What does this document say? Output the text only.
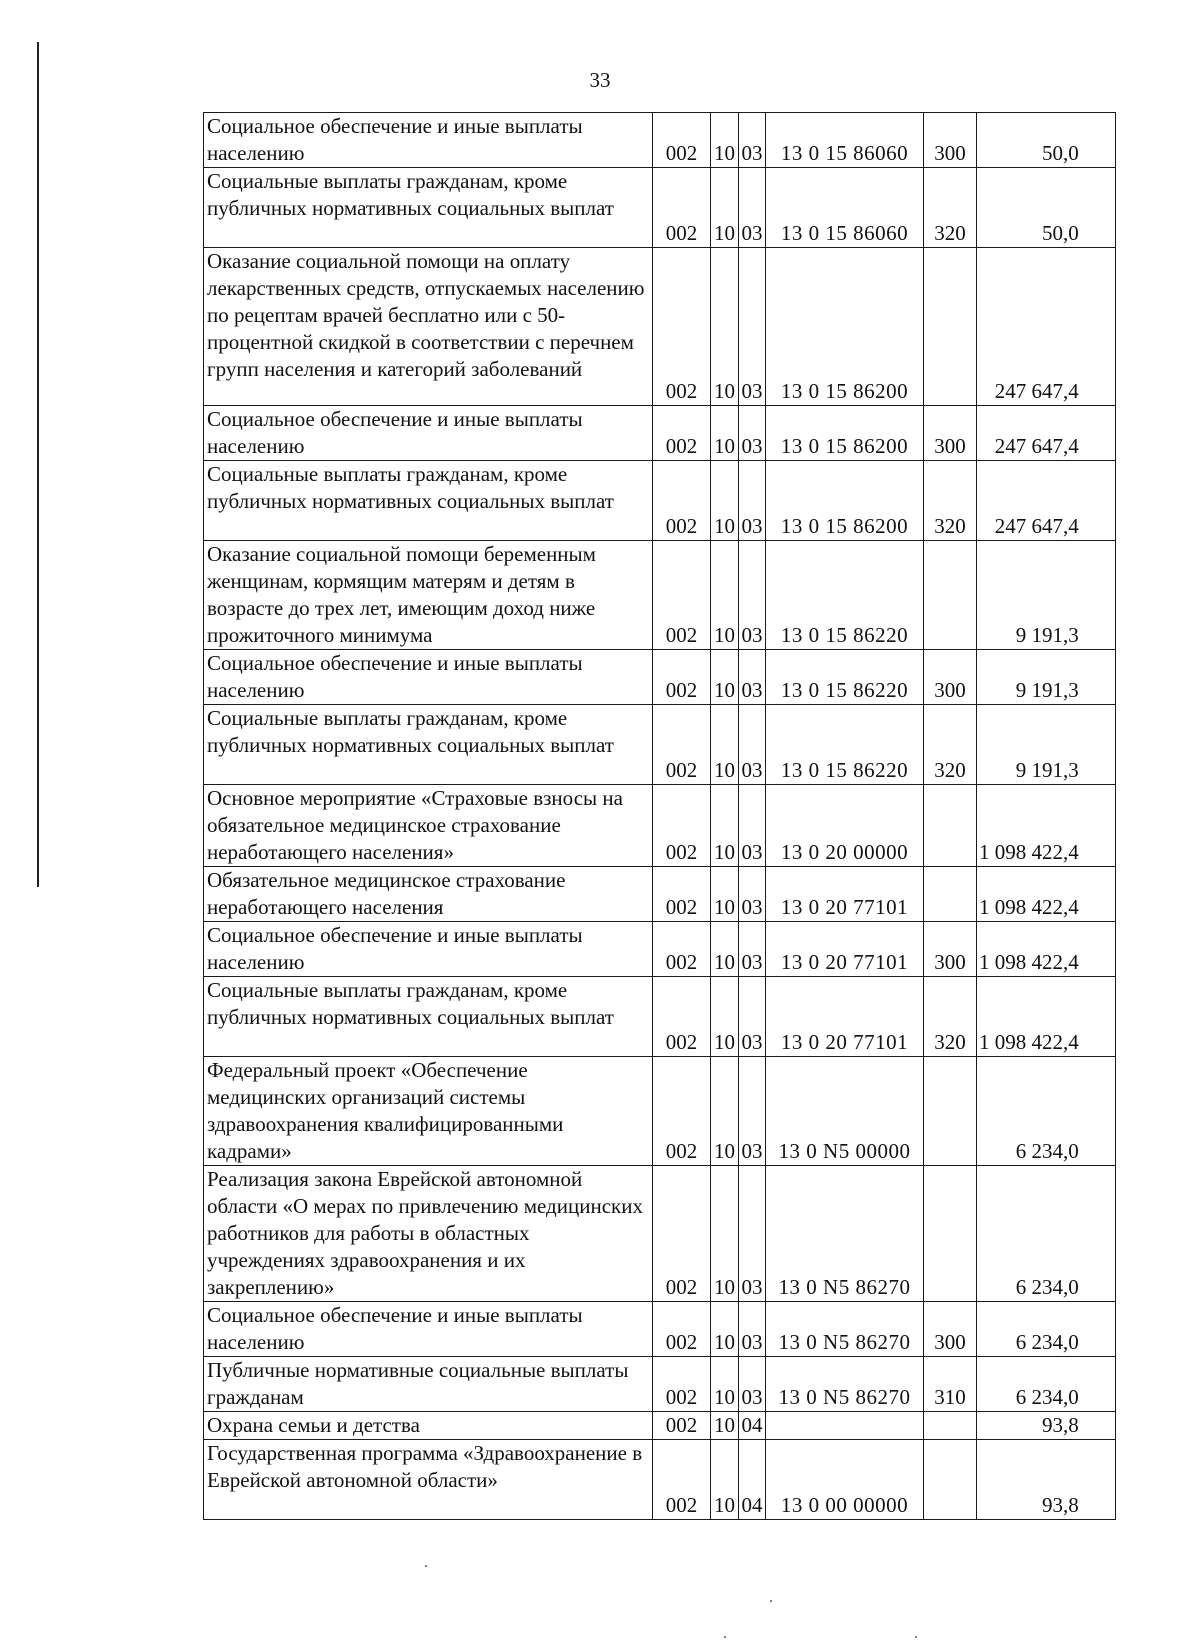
33
Социальное обеспечение и иные выплаты населению	002	10	03	13 0 15 86060	300	50,0
Социальные выплаты гражданам, кроме публичных нормативных социальных выплат	002	10	03	13 0 15 86060	320	50,0
Оказание социальной помощи на оплату лекарственных средств, отпускаемых населению по рецептам врачей бесплатно или с 50-процентной скидкой в соответствии с перечнем групп населения и категорий заболеваний	002	10	03	13 0 15 86200		247 647,4
Социальное обеспечение и иные выплаты населению	002	10	03	13 0 15 86200	300	247 647,4
Социальные выплаты гражданам, кроме публичных нормативных социальных выплат	002	10	03	13 0 15 86200	320	247 647,4
Оказание социальной помощи беременным женщинам, кормящим матерям и детям в возрасте до трех лет, имеющим доход ниже прожиточного минимума	002	10	03	13 0 15 86220		9 191,3
Социальное обеспечение и иные выплаты населению	002	10	03	13 0 15 86220	300	9 191,3
Социальные выплаты гражданам, кроме публичных нормативных социальных выплат	002	10	03	13 0 15 86220	320	9 191,3
Основное мероприятие «Страховые взносы на обязательное медицинское страхование неработающего населения»	002	10	03	13 0 20 00000		1 098 422,4
Обязательное медицинское страхование неработающего населения	002	10	03	13 0 20 77101		1 098 422,4
Социальное обеспечение и иные выплаты населению	002	10	03	13 0 20 77101	300	1 098 422,4
Социальные выплаты гражданам, кроме публичных нормативных социальных выплат	002	10	03	13 0 20 77101	320	1 098 422,4
Федеральный проект «Обеспечение медицинских организаций системы здравоохранения квалифицированными кадрами»	002	10	03	13 0 N5 00000		6 234,0
Реализация закона Еврейской автономной области «О мерах по привлечению медицинских работников для работы в областных учреждениях здравоохранения и их закреплению»	002	10	03	13 0 N5 86270		6 234,0
Социальное обеспечение и иные выплаты населению	002	10	03	13 0 N5 86270	300	6 234,0
Публичные нормативные социальные выплаты гражданам	002	10	03	13 0 N5 86270	310	6 234,0
Охрана семьи и детства	002	10	04			93,8
Государственная программа «Здравоохранение в Еврейской автономной области»	002	10	04	13 0 00 00000		93,8
